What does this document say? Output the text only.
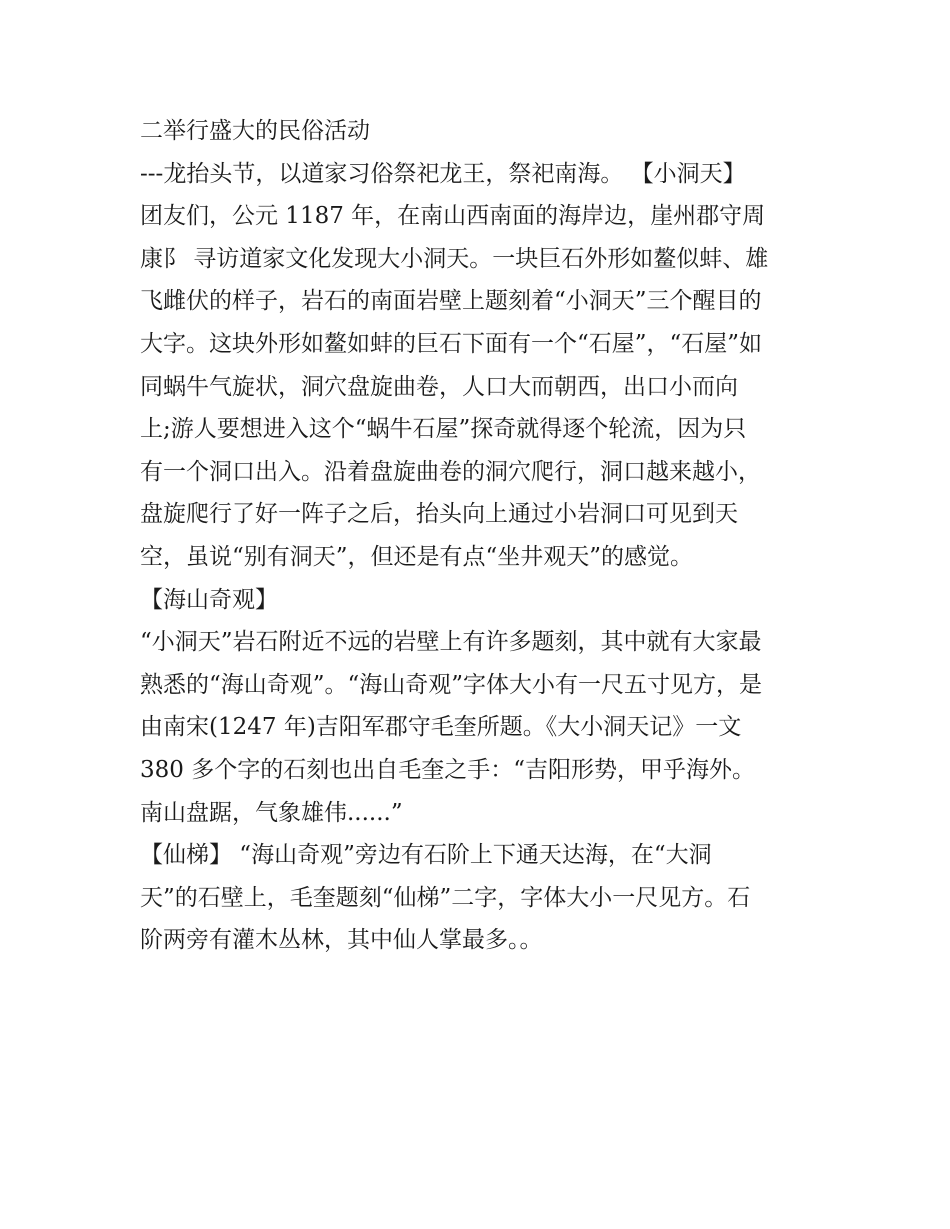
二举行盛大的民俗活动
---龙抬头节，以道家习俗祭祀龙王，祭祀南海。 【小洞天】
团友们，公元 1187 年，在南山西南面的海岸边，崖州郡守周
康阝 寻访道家文化发现大小洞天。一块巨石外形如鳌似蚌、雄
飞雌伏的样子，岩石的南面岩壁上题刻着“小洞天”三个醒目的
大字。这块外形如鳌如蚌的巨石下面有一个“石屋”，“石屋”如
同蜗牛气旋状，洞穴盘旋曲卷，人口大而朝西，出口小而向
上;游人要想进入这个“蜗牛石屋”探奇就得逐个轮流，因为只
有一个洞口出入。沿着盘旋曲卷的洞穴爬行，洞口越来越小，
盘旋爬行了好一阵子之后，抬头向上通过小岩洞口可见到天
空，虽说“别有洞天”，但还是有点“坐井观天”的感觉。
【海山奇观】
“小洞天”岩石附近不远的岩壁上有许多题刻，其中就有大家最
熟悉的“海山奇观”。“海山奇观”字体大小有一尺五寸见方，是
由南宋(1247 年)吉阳军郡守毛奎所题。《大小洞天记》一文
380 多个字的石刻也出自毛奎之手：“吉阳形势，甲乎海外。
南山盘踞，气象雄伟......”
【仙梯】 “海山奇观”旁边有石阶上下通天达海，在“大洞
天”的石壁上，毛奎题刻“仙梯”二字，字体大小一尺见方。石
阶两旁有灌木丛林，其中仙人掌最多。。
